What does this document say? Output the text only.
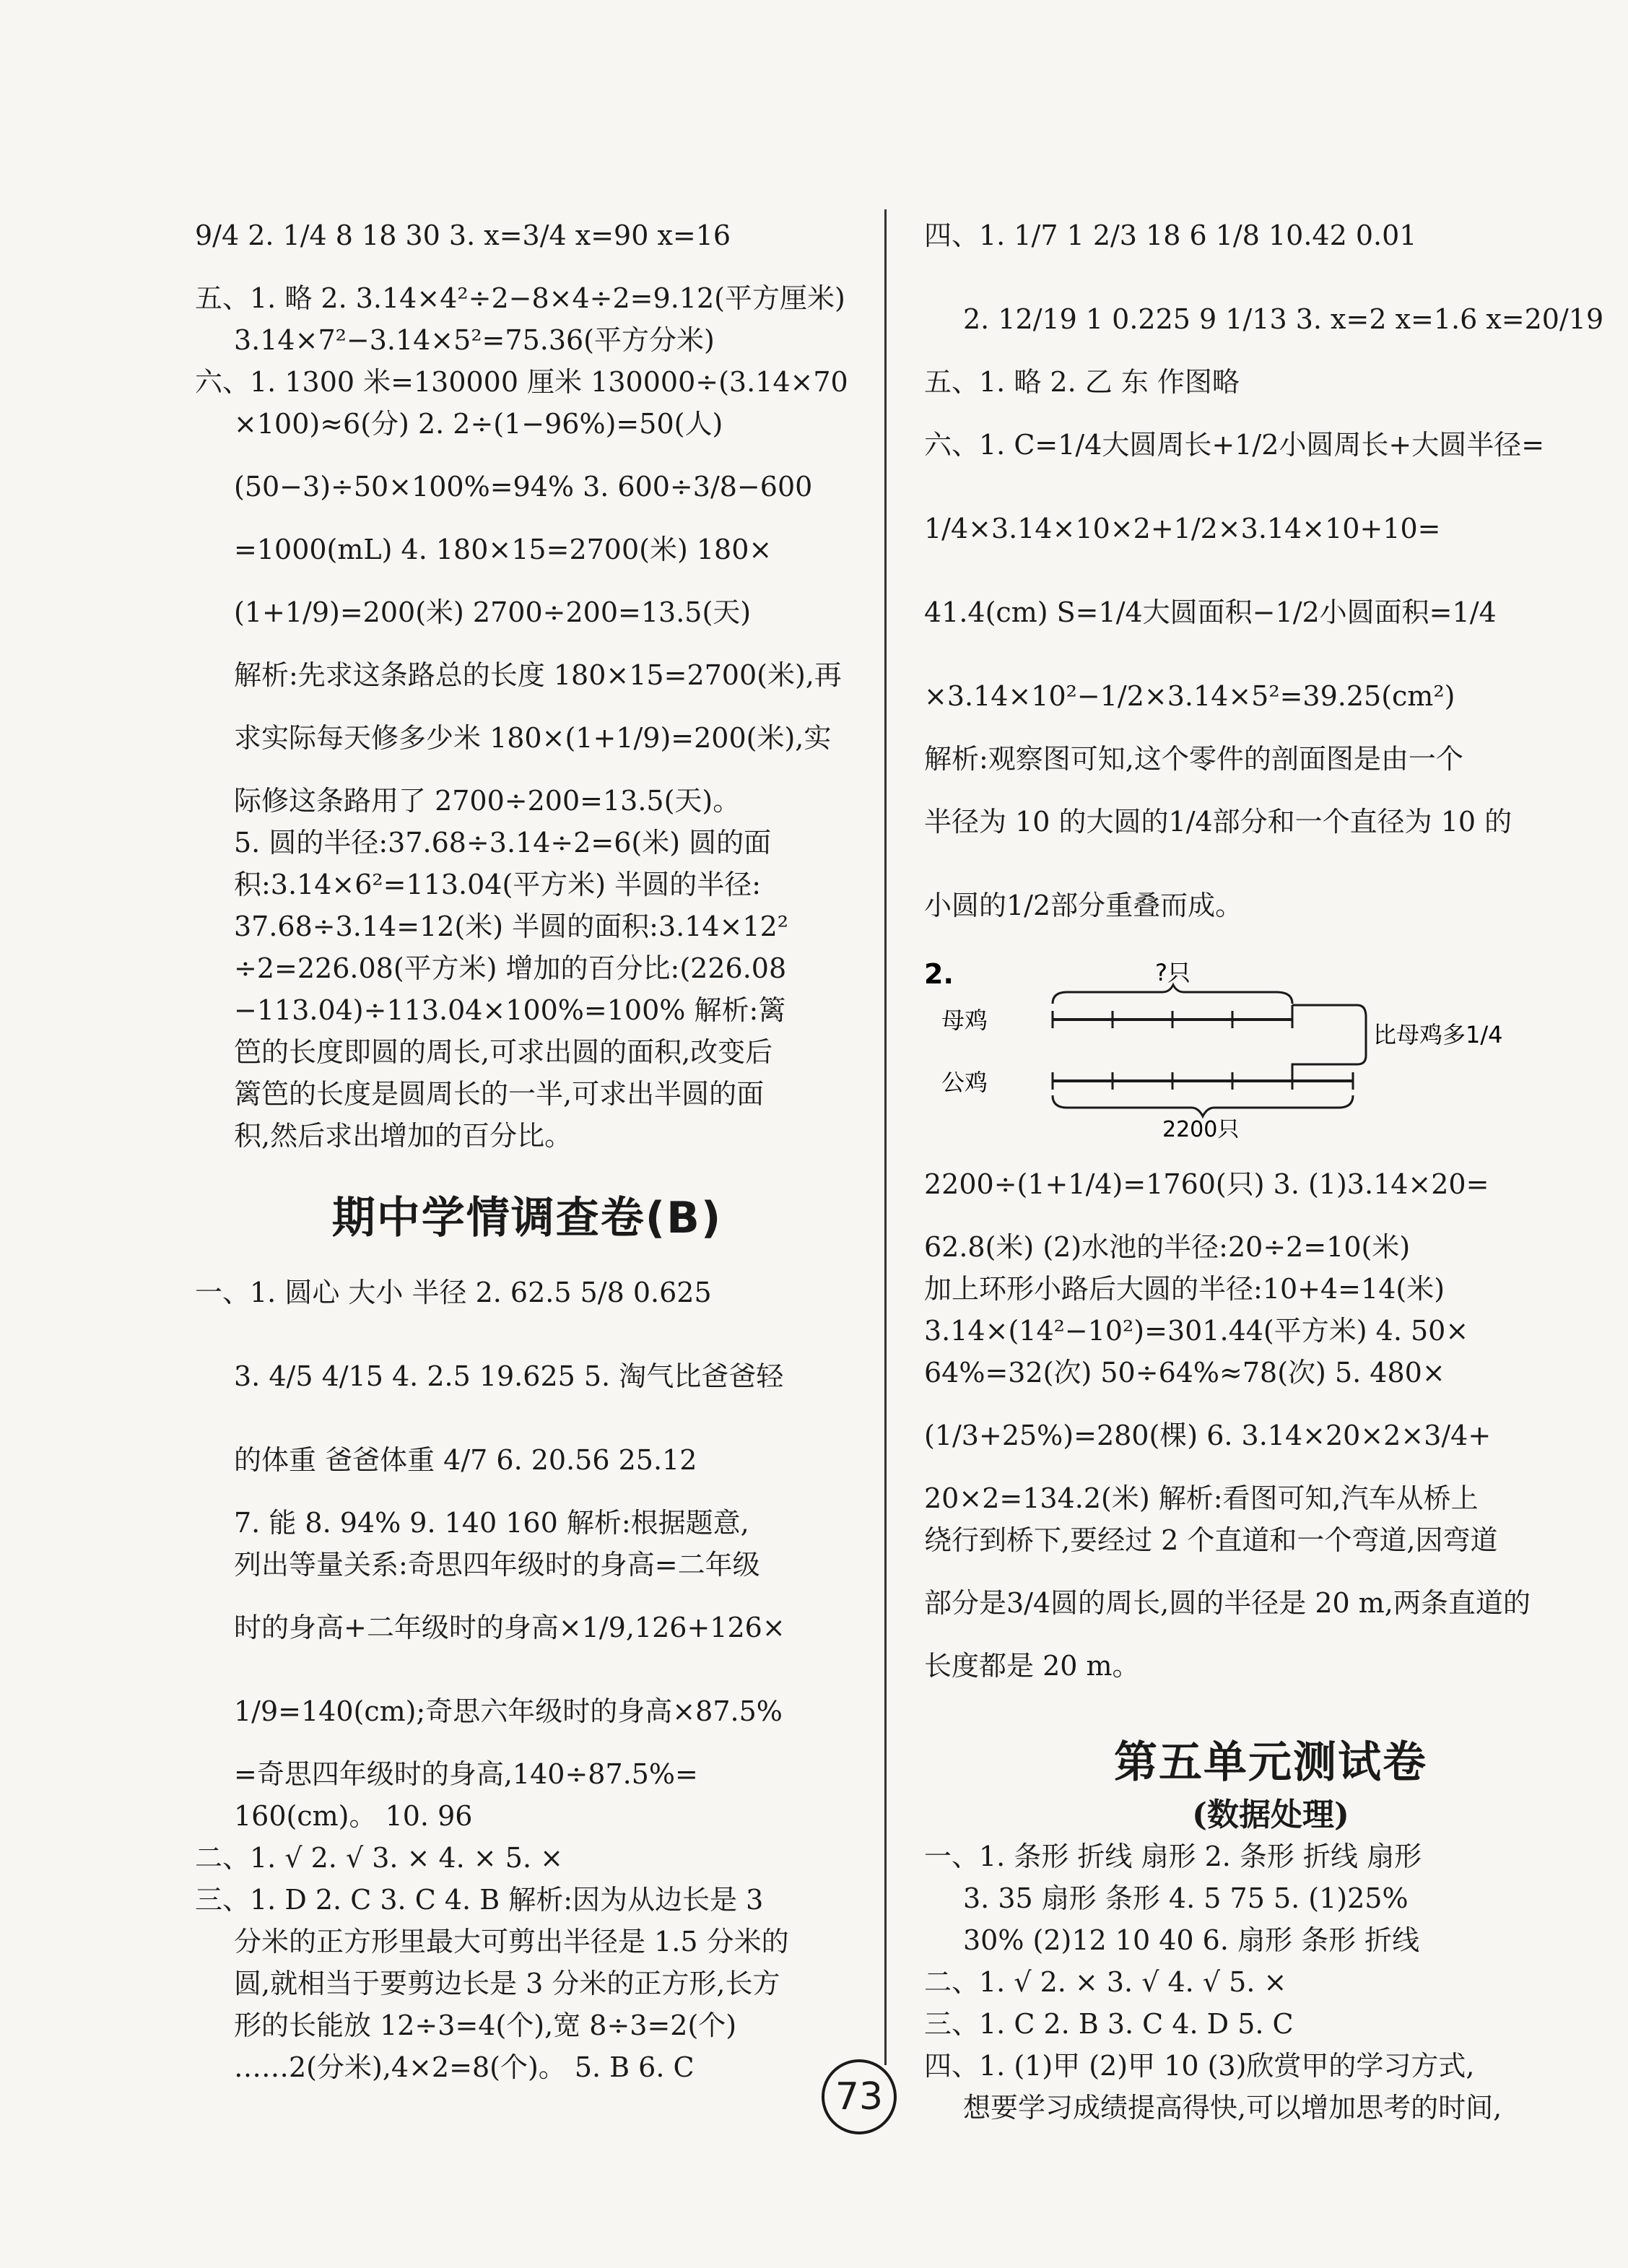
9/4 2. 1/4 8 18 30 3. x=3/4 x=90 x=16
五、1. 略 2. 3.14×4²÷2−8×4÷2=9.12(平方厘米)
3.14×7²−3.14×5²=75.36(平方分米)
六、1. 1300 米=130000 厘米 130000÷(3.14×70
×100)≈6(分) 2. 2÷(1−96%)=50(人)
(50−3)÷50×100%=94% 3. 600÷3/8−600
=1000(mL) 4. 180×15=2700(米) 180×
(1+1/9)=200(米) 2700÷200=13.5(天)
解析:先求这条路总的长度 180×15=2700(米),再
求实际每天修多少米 180×(1+1/9)=200(米),实
际修这条路用了 2700÷200=13.5(天)。
5. 圆的半径:37.68÷3.14÷2=6(米) 圆的面
积:3.14×6²=113.04(平方米) 半圆的半径:
37.68÷3.14=12(米) 半圆的面积:3.14×12²
÷2=226.08(平方米) 增加的百分比:(226.08
−113.04)÷113.04×100%=100% 解析:篱
笆的长度即圆的周长,可求出圆的面积,改变后
篱笆的长度是圆周长的一半,可求出半圆的面
积,然后求出增加的百分比。
期中学情调查卷(B)
一、1. 圆心 大小 半径 2. 62.5 5/8 0.625
3. 4/5 4/15 4. 2.5 19.625 5. 淘气比爸爸轻
的体重 爸爸体重 4/7 6. 20.56 25.12
7. 能 8. 94% 9. 140 160 解析:根据题意,
列出等量关系:奇思四年级时的身高=二年级
时的身高+二年级时的身高×1/9,126+126×
1/9=140(cm);奇思六年级时的身高×87.5%
=奇思四年级时的身高,140÷87.5%=
160(cm)。 10. 96
二、1. √ 2. √ 3. × 4. × 5. ×
三、1. D 2. C 3. C 4. B 解析:因为从边长是 3
分米的正方形里最大可剪出半径是 1.5 分米的
圆,就相当于要剪边长是 3 分米的正方形,长方
形的长能放 12÷3=4(个),宽 8÷3=2(个)
……2(分米),4×2=8(个)。 5. B 6. C
四、1. 1/7 1 2/3 18 6 1/8 10.42 0.01
2. 12/19 1 0.225 9 1/13 3. x=2 x=1.6 x=20/19
五、1. 略 2. 乙 东 作图略
六、1. C=1/4大圆周长+1/2小圆周长+大圆半径=
1/4×3.14×10×2+1/2×3.14×10+10=
41.4(cm) S=1/4大圆面积−1/2小圆面积=1/4
×3.14×10²−1/2×3.14×5²=39.25(cm²)
解析:观察图可知,这个零件的剖面图是由一个
半径为 10 的大圆的1/4部分和一个直径为 10 的
小圆的1/2部分重叠而成。
2.
母鸡
公鸡
?只
比母鸡多1/4
2200只
2200÷(1+1/4)=1760(只) 3. (1)3.14×20=
62.8(米) (2)水池的半径:20÷2=10(米)
加上环形小路后大圆的半径:10+4=14(米)
3.14×(14²−10²)=301.44(平方米) 4. 50×
64%=32(次) 50÷64%≈78(次) 5. 480×
(1/3+25%)=280(棵) 6. 3.14×20×2×3/4+
20×2=134.2(米) 解析:看图可知,汽车从桥上
绕行到桥下,要经过 2 个直道和一个弯道,因弯道
部分是3/4圆的周长,圆的半径是 20 m,两条直道的
长度都是 20 m。
第五单元测试卷
(数据处理)
一、1. 条形 折线 扇形 2. 条形 折线 扇形
3. 35 扇形 条形 4. 5 75 5. (1)25%
30% (2)12 10 40 6. 扇形 条形 折线
二、1. √ 2. × 3. √ 4. √ 5. ×
三、1. C 2. B 3. C 4. D 5. C
四、1. (1)甲 (2)甲 10 (3)欣赏甲的学习方式,
想要学习成绩提高得快,可以增加思考的时间,
73
